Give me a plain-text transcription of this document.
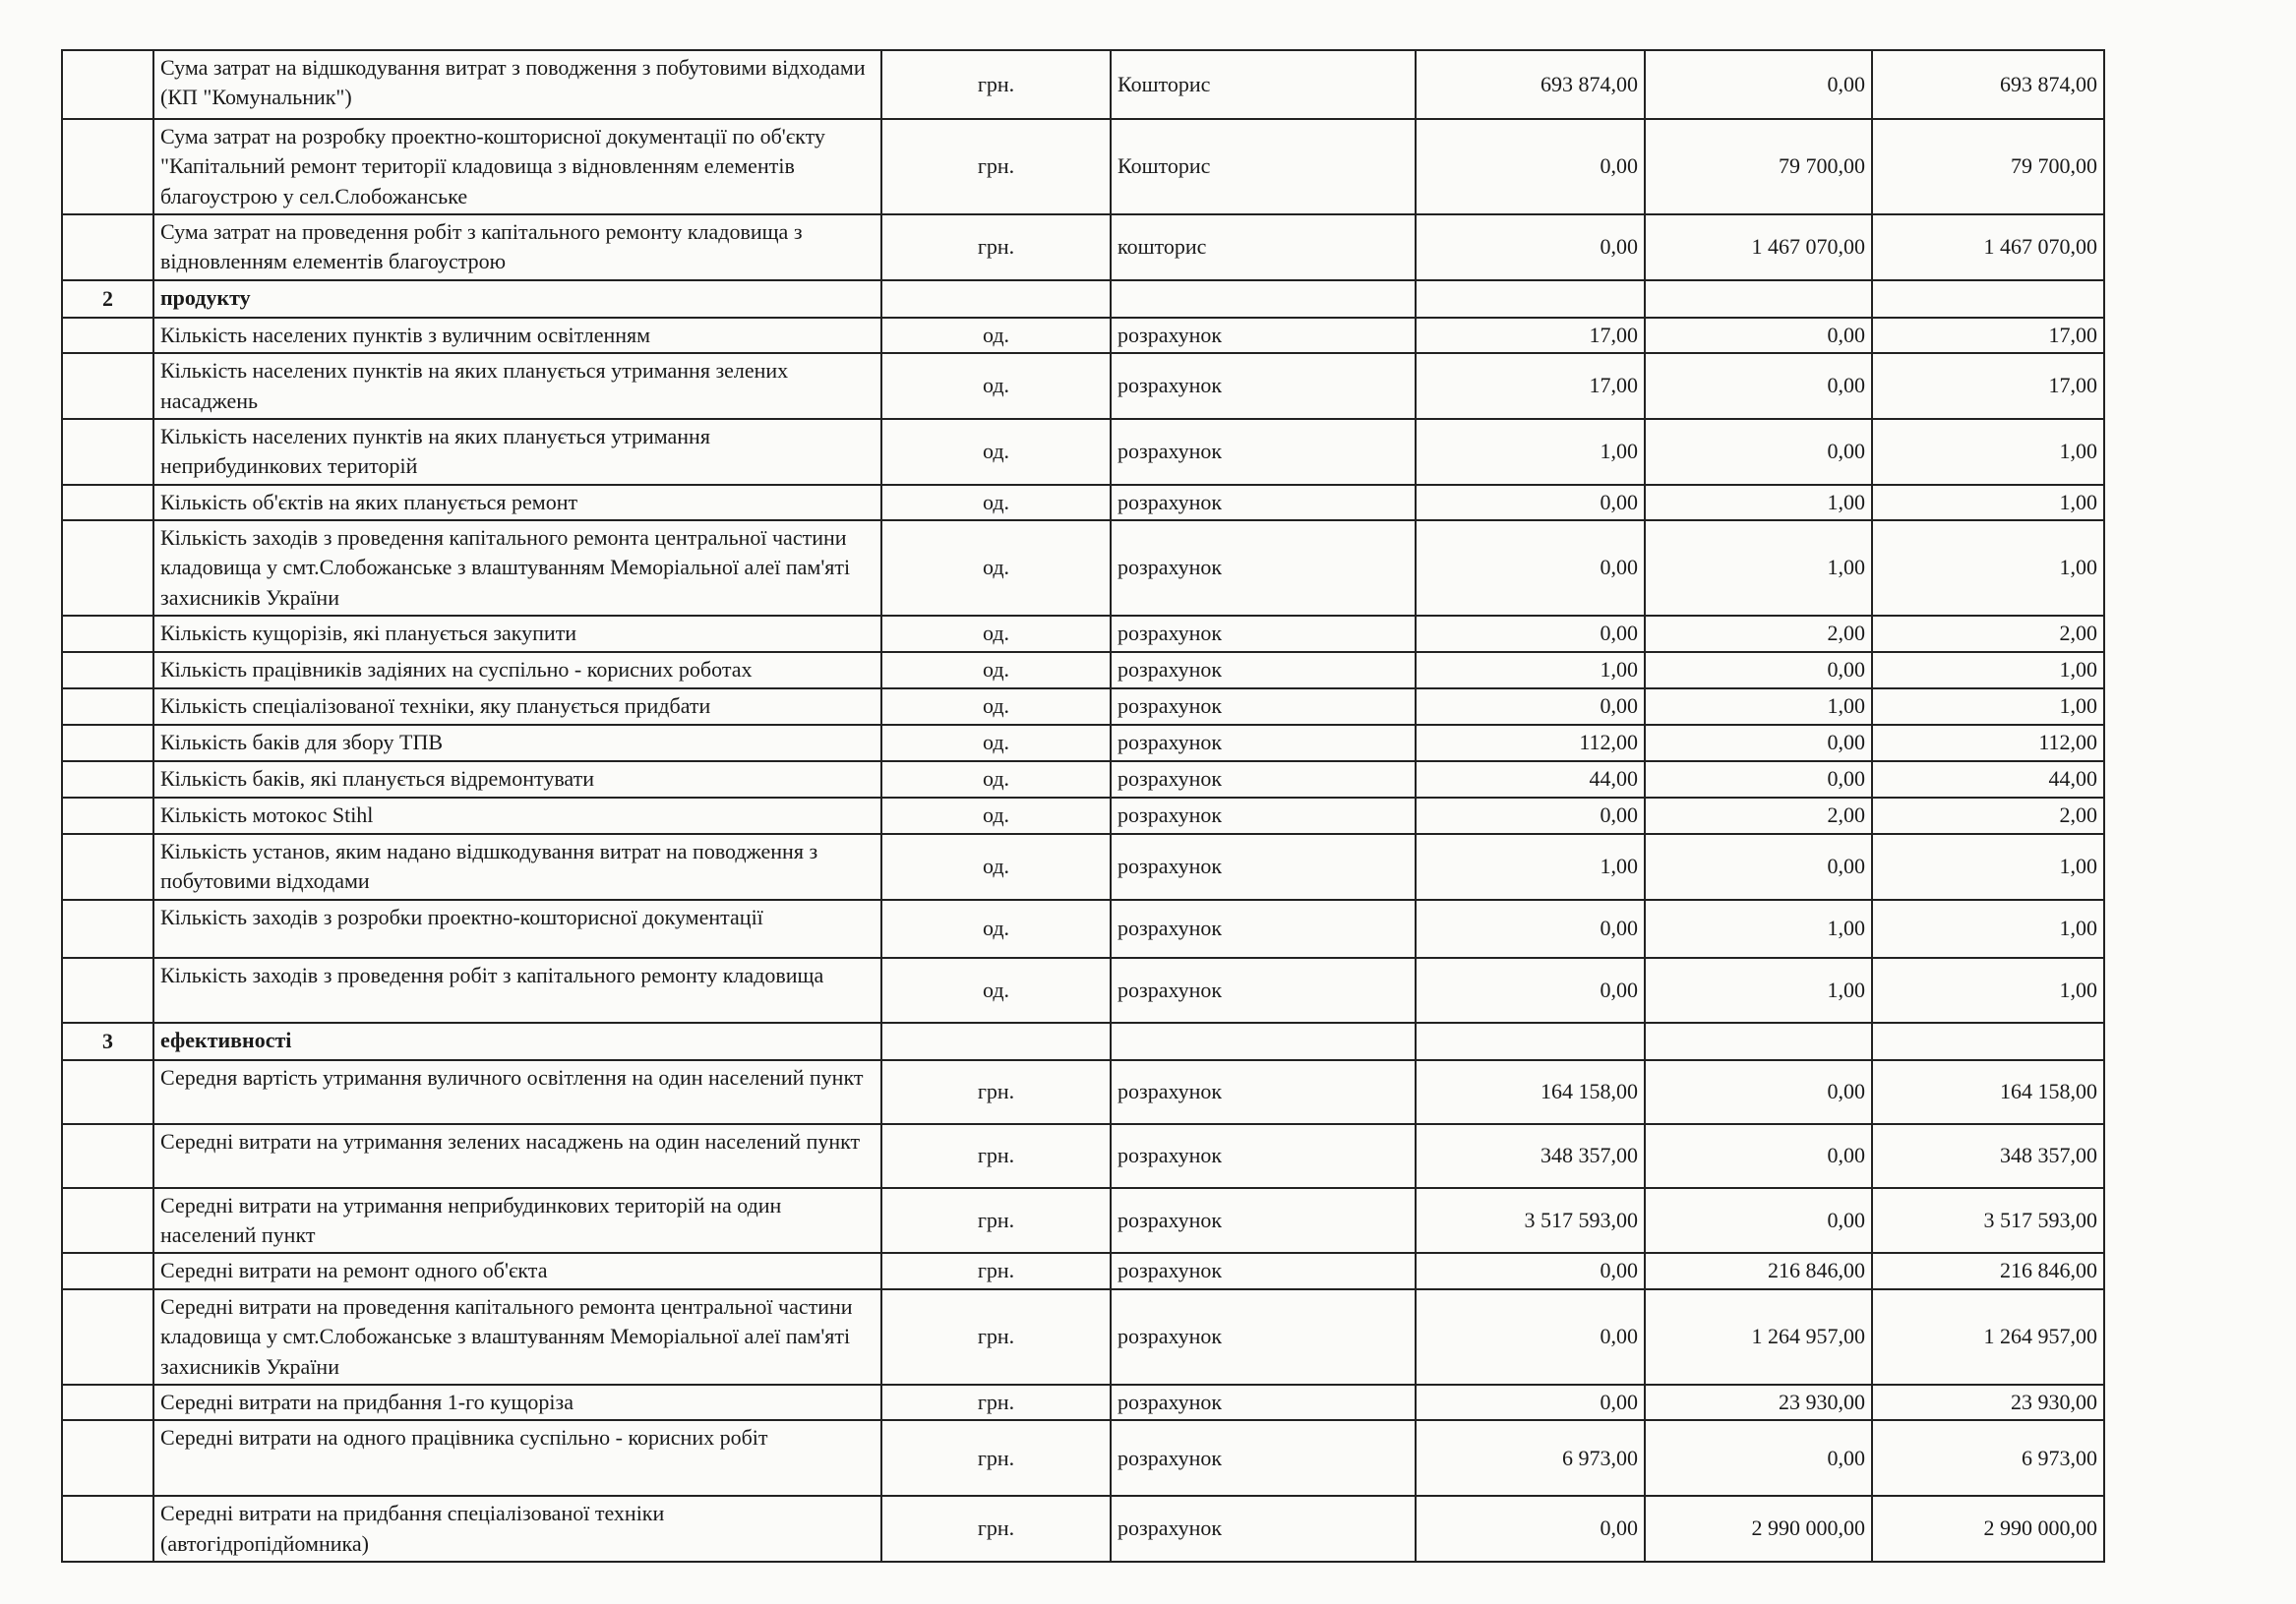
	Сума затрат на відшкодування витрат з поводження з побутовими відходами (КП "Комунальник")	грн.	Кошторис	693 874,00	0,00	693 874,00
	Сума затрат на розробку проектно-кошторисної документації по об'єкту "Капітальний ремонт території кладовища з відновленням елементів благоустрою у сел.Слобожанське	грн.	Кошторис	0,00	79 700,00	79 700,00
	Сума затрат на проведення робіт з капітального ремонту кладовища з відновленням елементів благоустрою	грн.	кошторис	0,00	1 467 070,00	1 467 070,00
2	продукту					
	Кількість населених пунктів з вуличним освітленням	од.	розрахунок	17,00	0,00	17,00
	Кількість населених пунктів на яких планується утримання зелених насаджень	од.	розрахунок	17,00	0,00	17,00
	Кількість населених пунктів на яких планується утримання неприбудинкових територій	од.	розрахунок	1,00	0,00	1,00
	Кількість об'єктів на яких планується ремонт	од.	розрахунок	0,00	1,00	1,00
	Кількість заходів з проведення капітального ремонта центральної частини кладовища у смт.Слобожанське з влаштуванням Меморіальної алеї пам'яті захисників України	од.	розрахунок	0,00	1,00	1,00
	Кількість кущорізів, які планується закупити	од.	розрахунок	0,00	2,00	2,00
	Кількість працівників задіяних на суспільно - корисних роботах	од.	розрахунок	1,00	0,00	1,00
	Кількість спеціалізованої техніки, яку планується придбати	од.	розрахунок	0,00	1,00	1,00
	Кількість баків для збору ТПВ	од.	розрахунок	112,00	0,00	112,00
	Кількість баків, які планується відремонтувати	од.	розрахунок	44,00	0,00	44,00
	Кількість мотокос Stihl	од.	розрахунок	0,00	2,00	2,00
	Кількість установ, яким надано відшкодування витрат на поводження з побутовими відходами	од.	розрахунок	1,00	0,00	1,00
	Кількість заходів з розробки проектно-кошторисної документації	од.	розрахунок	0,00	1,00	1,00
	Кількість заходів з проведення робіт з капітального ремонту кладовища	од.	розрахунок	0,00	1,00	1,00
3	ефективності					
	Середня вартість утримання вуличного освітлення на один населений пункт	грн.	розрахунок	164 158,00	0,00	164 158,00
	Середні витрати на утримання зелених насаджень на один населений пункт	грн.	розрахунок	348 357,00	0,00	348 357,00
	Середні витрати на утримання неприбудинкових територій на один населений пункт	грн.	розрахунок	3 517 593,00	0,00	3 517 593,00
	Середні витрати на ремонт одного об'єкта	грн.	розрахунок	0,00	216 846,00	216 846,00
	Середні витрати на проведення капітального ремонта центральної частини кладовища у смт.Слобожанське з влаштуванням Меморіальної алеї пам'яті захисників України	грн.	розрахунок	0,00	1 264 957,00	1 264 957,00
	Середні витрати на придбання 1-го кущоріза	грн.	розрахунок	0,00	23 930,00	23 930,00
	Середні витрати на одного працівника суспільно - корисних робіт	грн.	розрахунок	6 973,00	0,00	6 973,00
	Середні витрати на придбання спеціалізованої техніки (автогідропідйомника)	грн.	розрахунок	0,00	2 990 000,00	2 990 000,00
